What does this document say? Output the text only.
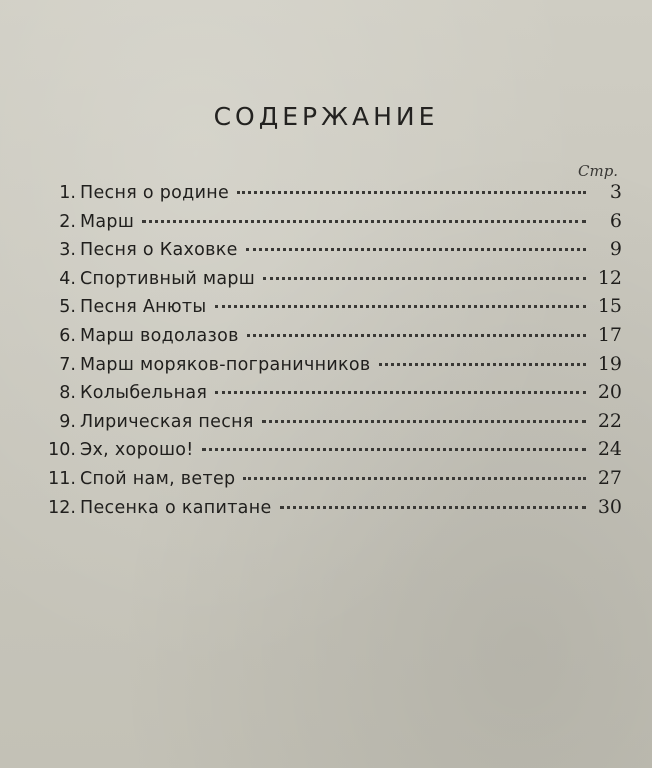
СОДЕРЖАНИЕ
Стр.
1. Песня о родине	3
2. Марш	6
3. Песня о Каховке	9
4. Спортивный марш	12
5. Песня Анюты	15
6. Марш водолазов	17
7. Марш моряков-пограничников	19
8. Колыбельная	20
9. Лирическая песня	22
10. Эх, хорошо!	24
11. Спой нам, ветер	27
12. Песенка о капитане	30
